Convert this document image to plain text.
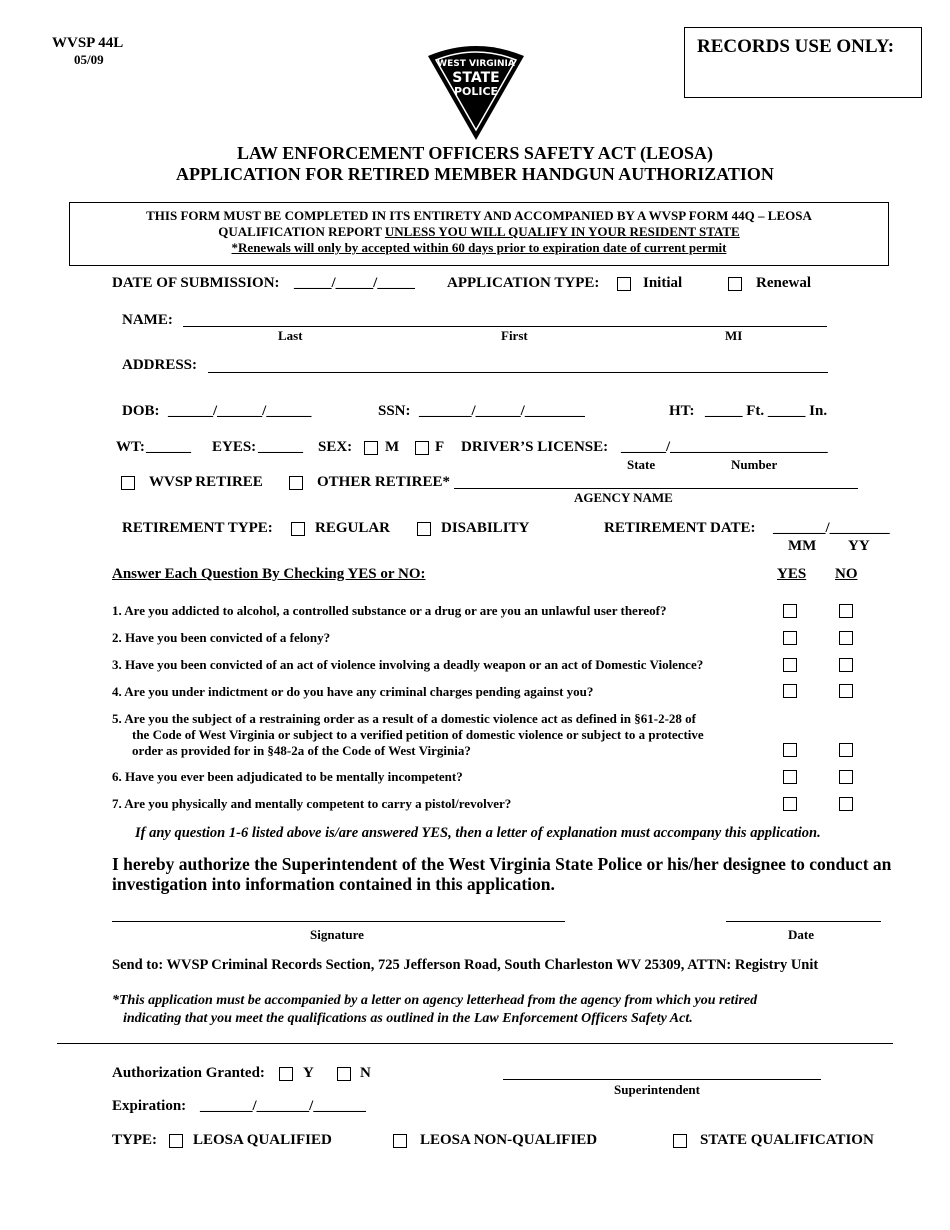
WVSP 44L
05/09	WEST VIRGINIA
STATE
POLICE
RECORDS USE ONLY:
LAW ENFORCEMENT OFFICERS SAFETY ACT (LEOSA)
APPLICATION FOR RETIRED MEMBER HANDGUN AUTHORIZATION
THIS FORM MUST BE COMPLETED IN ITS ENTIRETY AND ACCOMPANIED BY A WVSP FORM 44Q – LEOSA
QUALIFICATION REPORT UNLESS YOU WILL QUALIFY IN YOUR RESIDENT STATE
*Renewals will only by accepted within 60 days prior to expiration date of current permit
DATE OF SUBMISSION: _____/_____/_____ APPLICATION TYPE:	Initial	Renewal
NAME:
Last	First	MI
ADDRESS:
DOB: ______/______/______	SSN: _______/______/________	HT: _____ Ft. _____ In.
WT: ______ EYES: ______ SEX: M F DRIVER’S LICENSE: ______/_____________________
State	Number
WVSP RETIREE	OTHER RETIREE*
AGENCY NAME
RETIREMENT TYPE:	REGULAR	DISABILITY	RETIREMENT DATE: _______/________
MM YY
Answer Each Question By Checking YES or NO:	YES NO
1. Are you addicted to alcohol, a controlled substance or a drug or are you an unlawful user thereof?
2. Have you been convicted of a felony?
3. Have you been convicted of an act of violence involving a deadly weapon or an act of Domestic Violence?
4. Are you under indictment or do you have any criminal charges pending against you?
5. Are you the subject of a restraining order as a result of a domestic violence act as defined in §61-2-28 of
the Code of West Virginia or subject to a verified petition of domestic violence or subject to a protective
order as provided for in §48-2a of the Code of West Virginia?
6. Have you ever been adjudicated to be mentally incompetent?
7. Are you physically and mentally competent to carry a pistol/revolver?
If any question 1-6 listed above is/are answered YES, then a letter of explanation must accompany this application.
I hereby authorize the Superintendent of the West Virginia State Police or his/her designee to conduct an
investigation into information contained in this application.
Signature	Date
Send to: WVSP Criminal Records Section, 725 Jefferson Road, South Charleston WV 25309, ATTN: Registry Unit
*This application must be accompanied by a letter on agency letterhead from the agency from which you retired
indicating that you meet the qualifications as outlined in the Law Enforcement Officers Safety Act.
Authorization Granted:	Y	N
Superintendent
Expiration: _______/_______/_______
TYPE: LEOSA QUALIFIED	LEOSA NON-QUALIFIED	STATE QUALIFICATION
